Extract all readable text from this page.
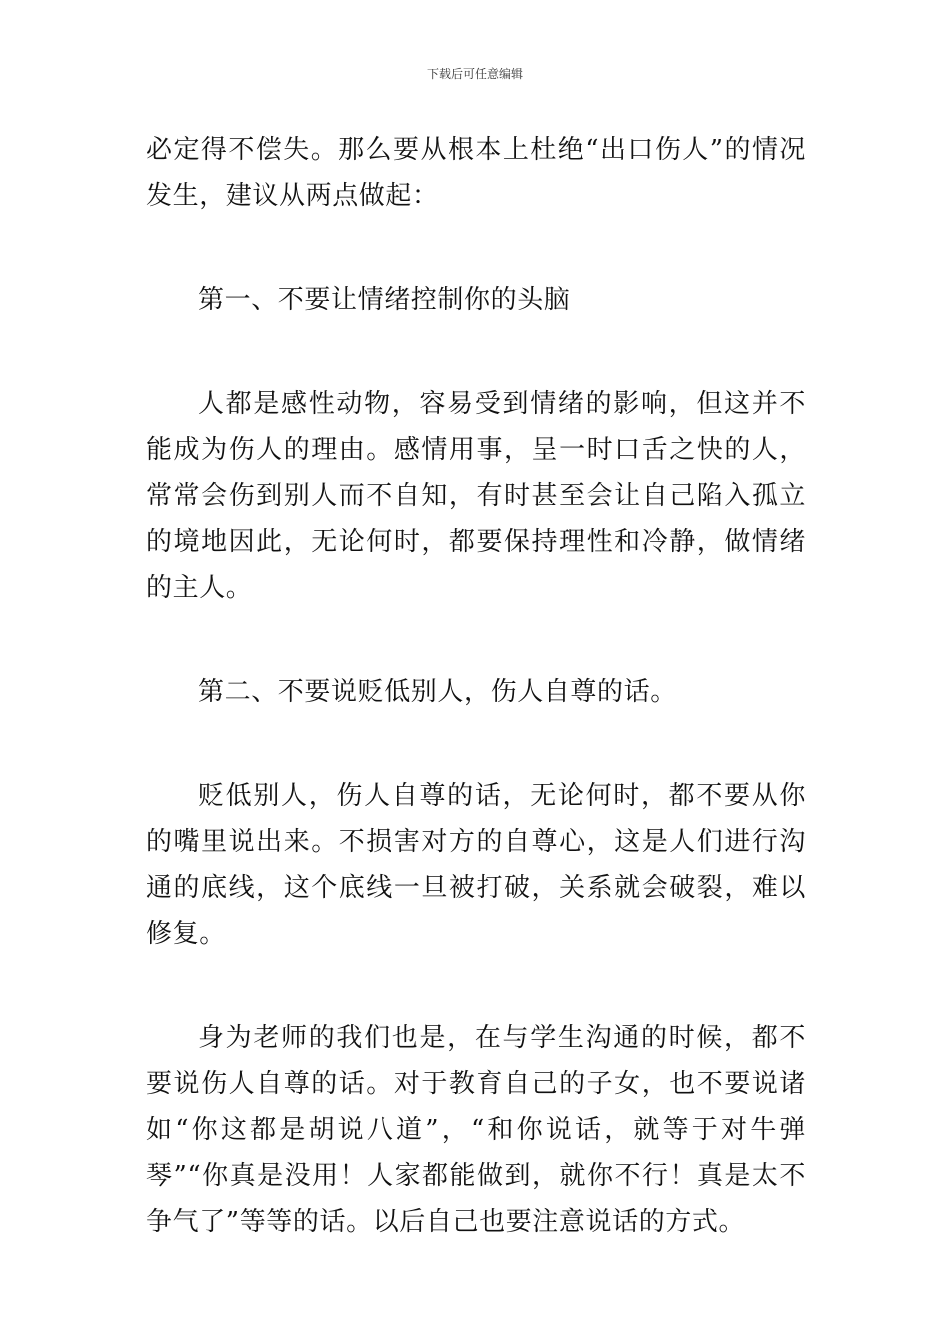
下载后可任意编辑

必定得不偿失。那么要从根本上杜绝“出口伤人”的情况发生，建议从两点做起：

第一、不要让情绪控制你的头脑

人都是感性动物，容易受到情绪的影响，但这并不能成为伤人的理由。感情用事，呈一时口舌之快的人，常常会伤到别人而不自知，有时甚至会让自己陷入孤立的境地因此，无论何时，都要保持理性和冷静，做情绪的主人。

第二、不要说贬低别人，伤人自尊的话。

贬低别人，伤人自尊的话，无论何时，都不要从你的嘴里说出来。不损害对方的自尊心，这是人们进行沟通的底线，这个底线一旦被打破，关系就会破裂，难以修复。

身为老师的我们也是，在与学生沟通的时候，都不要说伤人自尊的话。对于教育自己的子女，也不要说诸如“你这都是胡说八道”，“和你说话，就等于对牛弹琴”“你真是没用！人家都能做到，就你不行！真是太不争气了”等等的话。以后自己也要注意说话的方式。
